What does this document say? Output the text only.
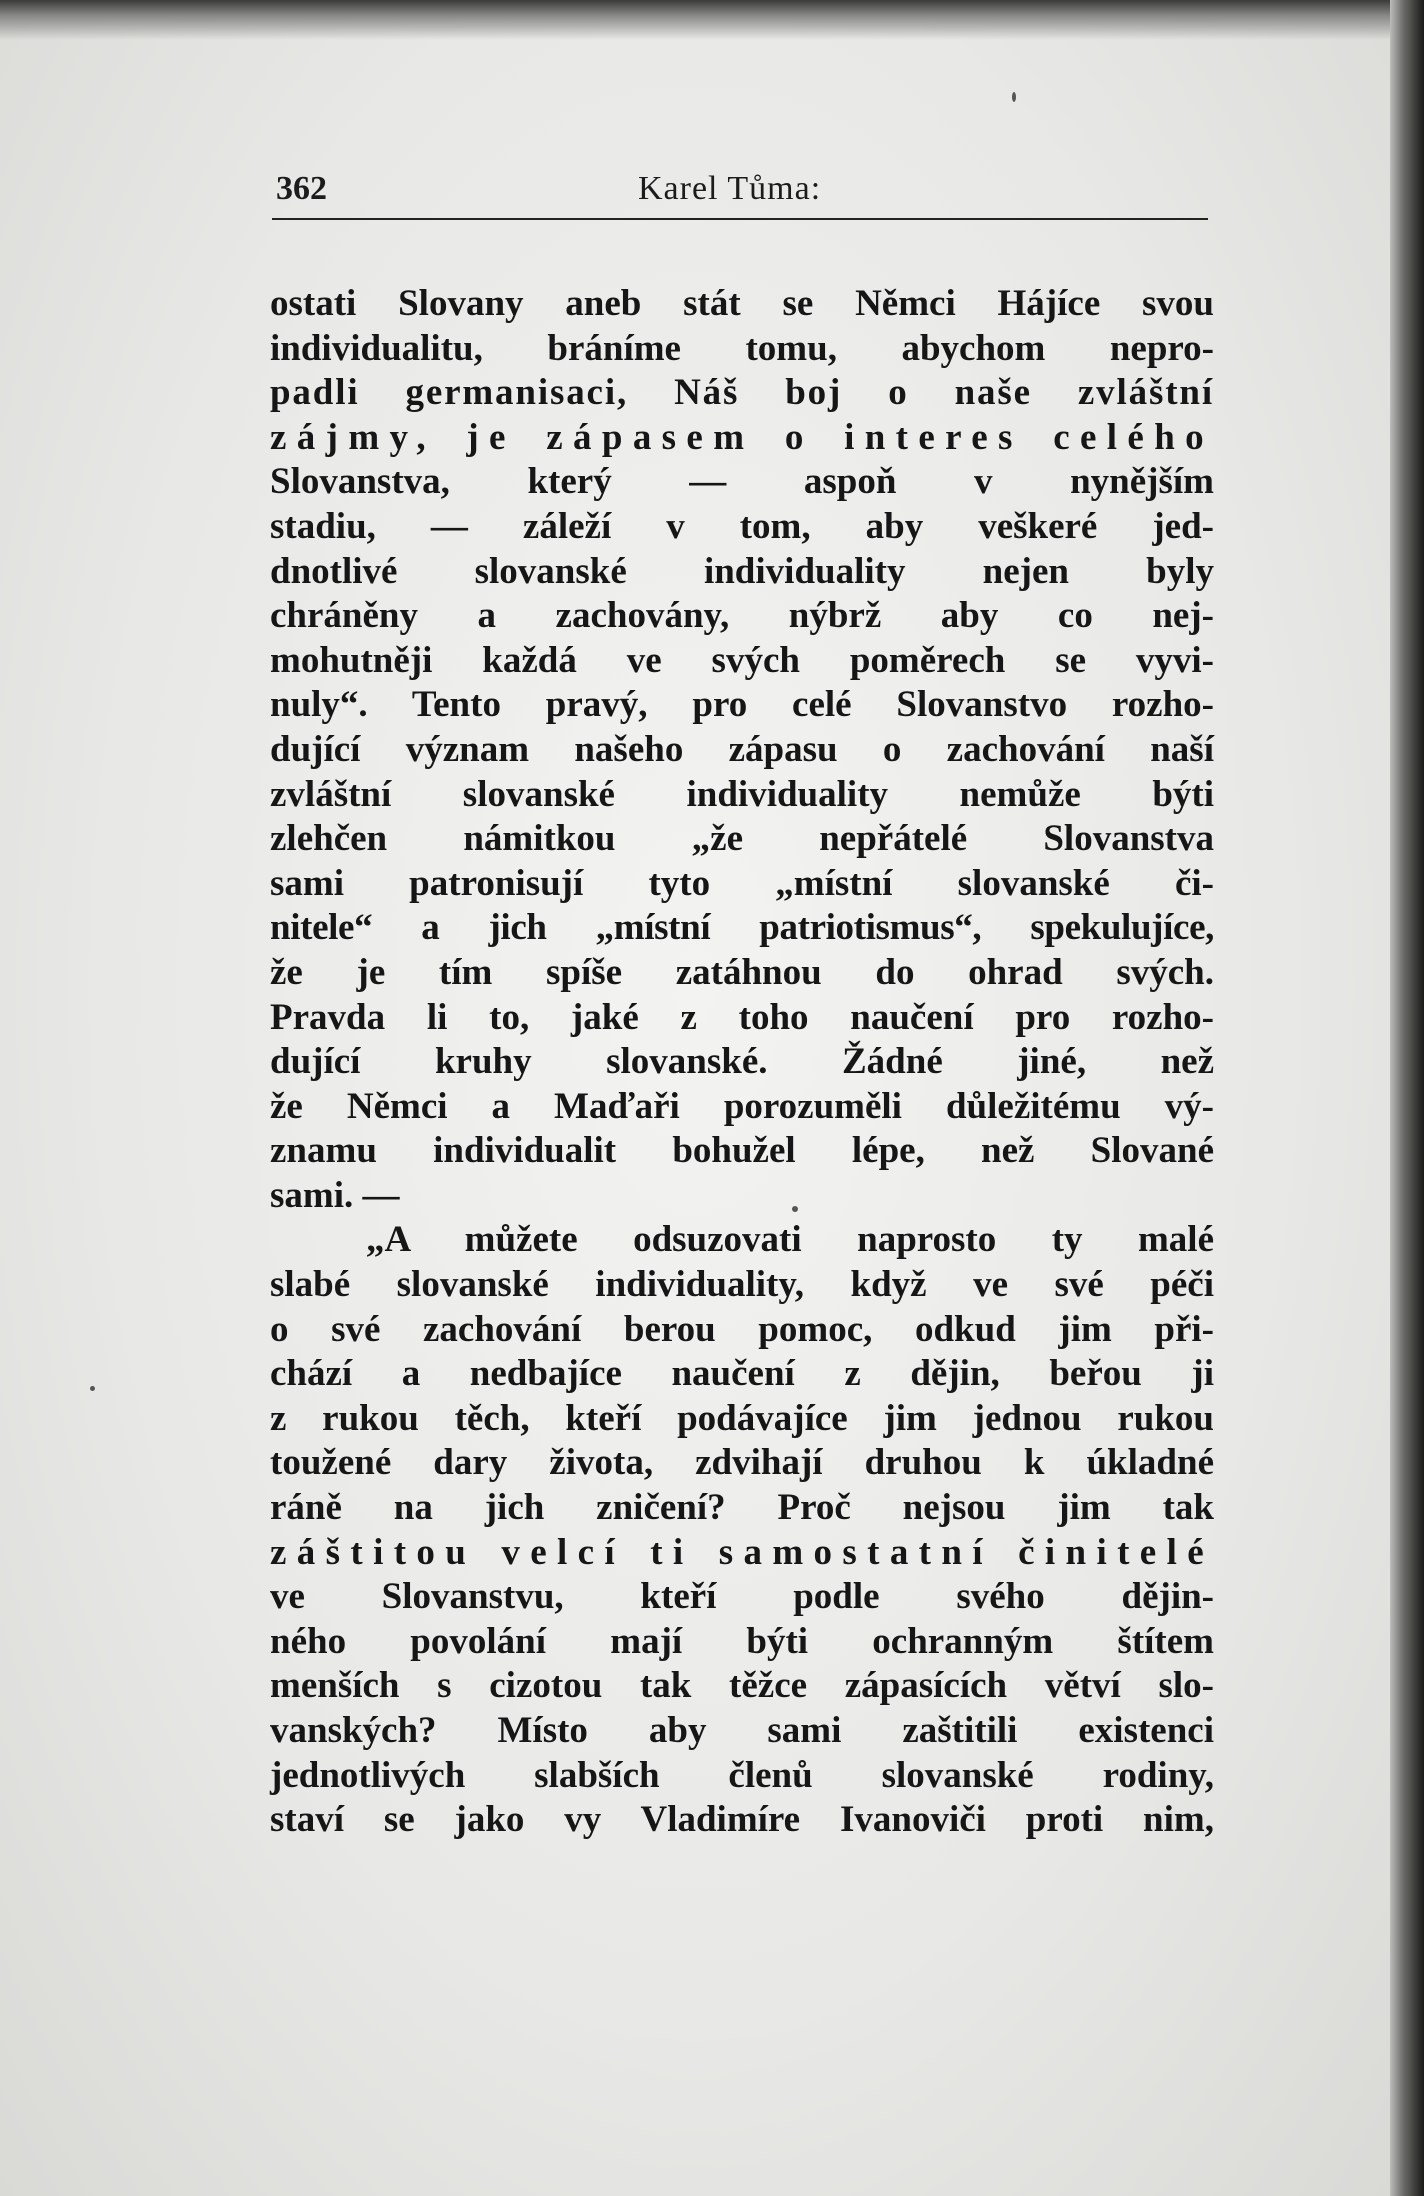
362	Karel Tůma:
ostati Slovany aneb stát se Němci Hájíce svou
individualitu, bráníme tomu, abychom nepro-
padli germanisaci, Náš boj o naše zvláštní
zájmy, je zápasem o interes celého
Slovanstva, který — aspoň v nynějším
stadiu, — záleží v tom, aby veškeré jed-
dnotlivé slovanské individuality nejen byly
chráněny a zachovány, nýbrž aby co nej-
mohutněji každá ve svých poměrech se vyvi-
nuly“. Tento pravý, pro celé Slovanstvo rozho-
dující význam našeho zápasu o zachování naší
zvláštní slovanské individuality nemůže býti
zlehčen námitkou „že nepřátelé Slovanstva
sami patronisují tyto „místní slovanské či-
nitele“ a jich „místní patriotismus“, spekulujíce,
že je tím spíše zatáhnou do ohrad svých.
Pravda li to, jaké z toho naučení pro rozho-
dující kruhy slovanské. Žádné jiné, než
že Němci a Maďaři porozuměli důležitému vý-
znamu individualit bohužel lépe, než Slované
sami. —
„A můžete odsuzovati naprosto ty malé
slabé slovanské individuality, když ve své péči
o své zachování berou pomoc, odkud jim při-
chází a nedbajíce naučení z dějin, beřou ji
z rukou těch, kteří podávajíce jim jednou rukou
toužené dary života, zdvihají druhou k úkladné
ráně na jich zničení? Proč nejsou jim tak
záštitou velcí ti samostatní činitelé
ve Slovanstvu, kteří podle svého dějin-
ného povolání mají býti ochranným štítem
menších s cizotou tak těžce zápasících větví slo-
vanských? Místo aby sami zaštitili existenci
jednotlivých slabších členů slovanské rodiny,
staví se jako vy Vladimíre Ivanoviči proti nim,
